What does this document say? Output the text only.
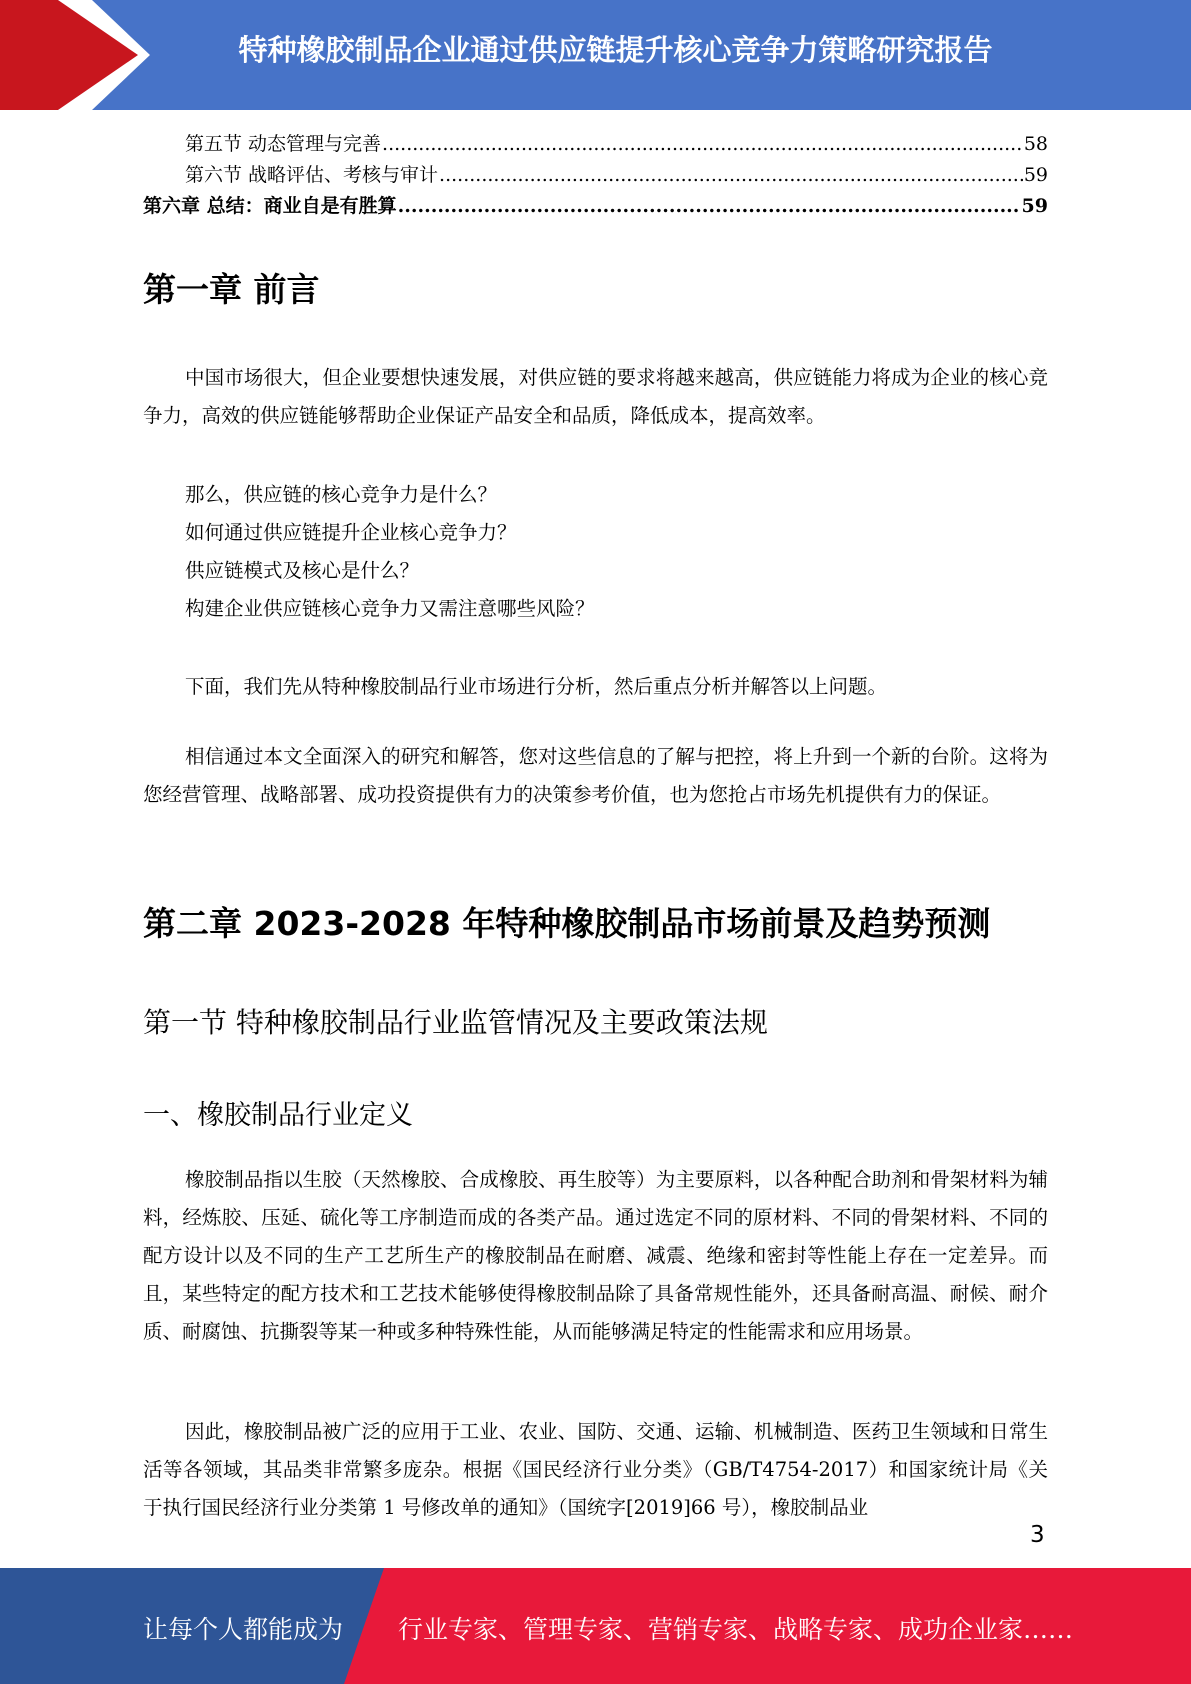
特种橡胶制品企业通过供应链提升核心竞争力策略研究报告
第五节 动态管理与完善 .....	58
第六节 战略评估、考核与审计 .....	59
第六章 总结：商业自是有胜算 .....	59
第一章 前言

中国市场很大，但企业要想快速发展，对供应链的要求将越来越高，供应链能力将成为企业的核心竞争力，高效的供应链能够帮助企业保证产品安全和品质，降低成本，提高效率。

那么，供应链的核心竞争力是什么？
如何通过供应链提升企业核心竞争力？
供应链模式及核心是什么？
构建企业供应链核心竞争力又需注意哪些风险？

下面，我们先从特种橡胶制品行业市场进行分析，然后重点分析并解答以上问题。

相信通过本文全面深入的研究和解答，您对这些信息的了解与把控，将上升到一个新的台阶。这将为您经营管理、战略部署、成功投资提供有力的决策参考价值，也为您抢占市场先机提供有力的保证。

第二章 2023-2028 年特种橡胶制品市场前景及趋势预测
第一节 特种橡胶制品行业监管情况及主要政策法规
一、橡胶制品行业定义

橡胶制品指以生胶（天然橡胶、合成橡胶、再生胶等）为主要原料，以各种配合助剂和骨架材料为辅料，经炼胶、压延、硫化等工序制造而成的各类产品。通过选定不同的原材料、不同的骨架材料、不同的配方设计以及不同的生产工艺所生产的橡胶制品在耐磨、减震、绝缘和密封等性能上存在一定差异。而且，某些特定的配方技术和工艺技术能够使得橡胶制品除了具备常规性能外，还具备耐高温、耐候、耐介质、耐腐蚀、抗撕裂等某一种或多种特殊性能，从而能够满足特定的性能需求和应用场景。

因此，橡胶制品被广泛的应用于工业、农业、国防、交通、运输、机械制造、医药卫生领域和日常生活等各领域，其品类非常繁多庞杂。根据《国民经济行业分类》（GB/T4754-2017）和国家统计局《关于执行国民经济行业分类第 1 号修改单的通知》（国统字[2019]66 号），橡胶制品业

3
让每个人都能成为 行业专家、管理专家、营销专家、战略专家、成功企业家……
